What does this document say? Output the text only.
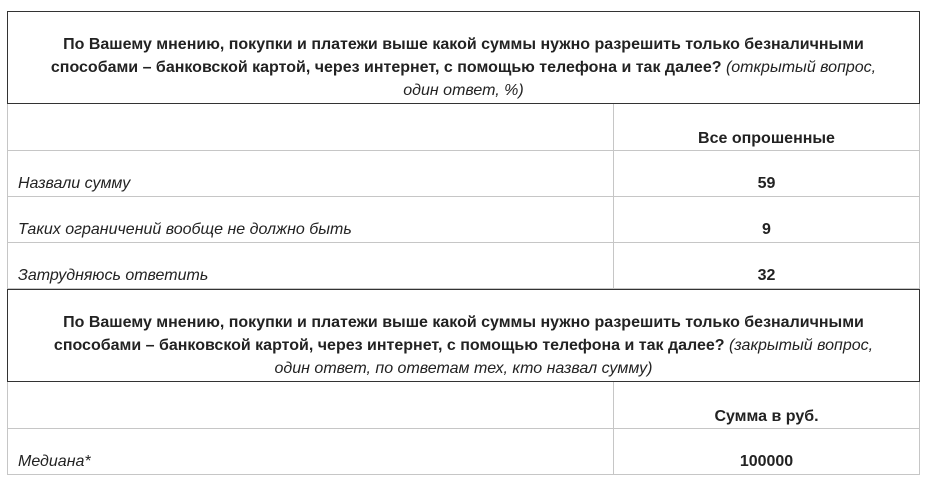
По Вашему мнению, покупки и платежи выше какой суммы нужно разрешить только безналичными способами – банковской картой, через интернет, с помощью телефона и так далее? (открытый вопрос, один ответ, %)	
	Все опрошенные
Назвали сумму	59
Таких ограничений вообще не должно быть	9
Затрудняюсь ответить	32
По Вашему мнению, покупки и платежи выше какой суммы нужно разрешить только безналичными способами – банковской картой, через интернет, с помощью телефона и так далее? (закрытый вопрос, один ответ, по ответам тех, кто назвал сумму)	
	Сумма в руб.
Медиана*	100000
